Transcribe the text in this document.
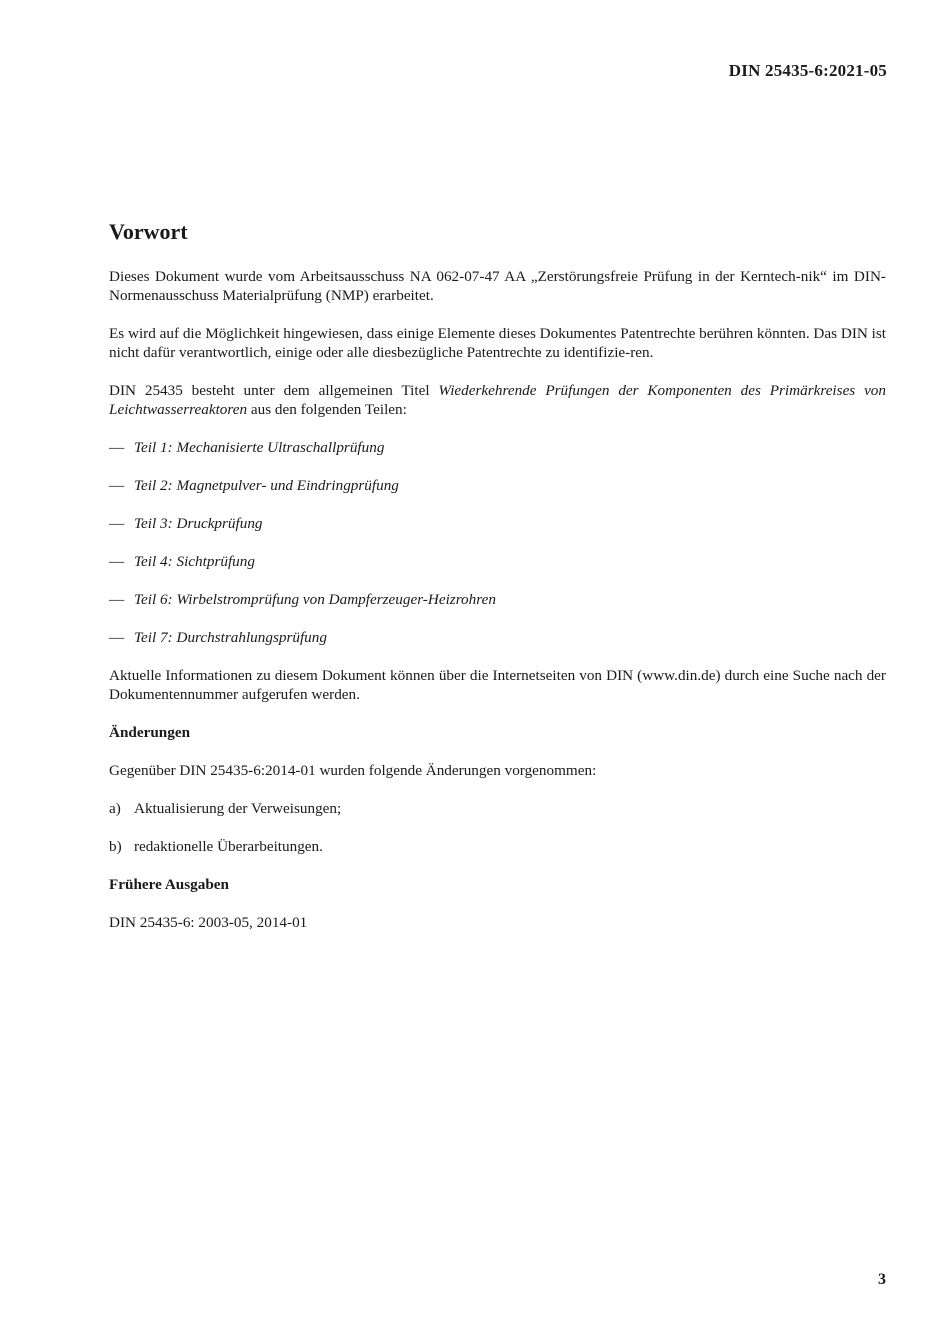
DIN 25435-6:2021-05
Vorwort

Dieses Dokument wurde vom Arbeitsausschuss NA 062-07-47 AA „Zerstörungsfreie Prüfung in der Kerntech-nik“ im DIN-Normenausschuss Materialprüfung (NMP) erarbeitet.

Es wird auf die Möglichkeit hingewiesen, dass einige Elemente dieses Dokumentes Patentrechte berühren könnten. Das DIN ist nicht dafür verantwortlich, einige oder alle diesbezügliche Patentrechte zu identifizie-ren.

DIN 25435 besteht unter dem allgemeinen Titel Wiederkehrende Prüfungen der Komponenten des Primärkreises von Leichtwasserreaktoren aus den folgenden Teilen:

— Teil 1: Mechanisierte Ultraschallprüfung
— Teil 2: Magnetpulver- und Eindringprüfung
— Teil 3: Druckprüfung
— Teil 4: Sichtprüfung
— Teil 6: Wirbelstromprüfung von Dampferzeuger-Heizrohren
— Teil 7: Durchstrahlungsprüfung

Aktuelle Informationen zu diesem Dokument können über die Internetseiten von DIN (www.din.de) durch eine Suche nach der Dokumentennummer aufgerufen werden.

Änderungen

Gegenüber DIN 25435-6:2014-01 wurden folgende Änderungen vorgenommen:

a) Aktualisierung der Verweisungen;
b) redaktionelle Überarbeitungen.
Frühere Ausgaben

DIN 25435-6: 2003-05, 2014-01

3
